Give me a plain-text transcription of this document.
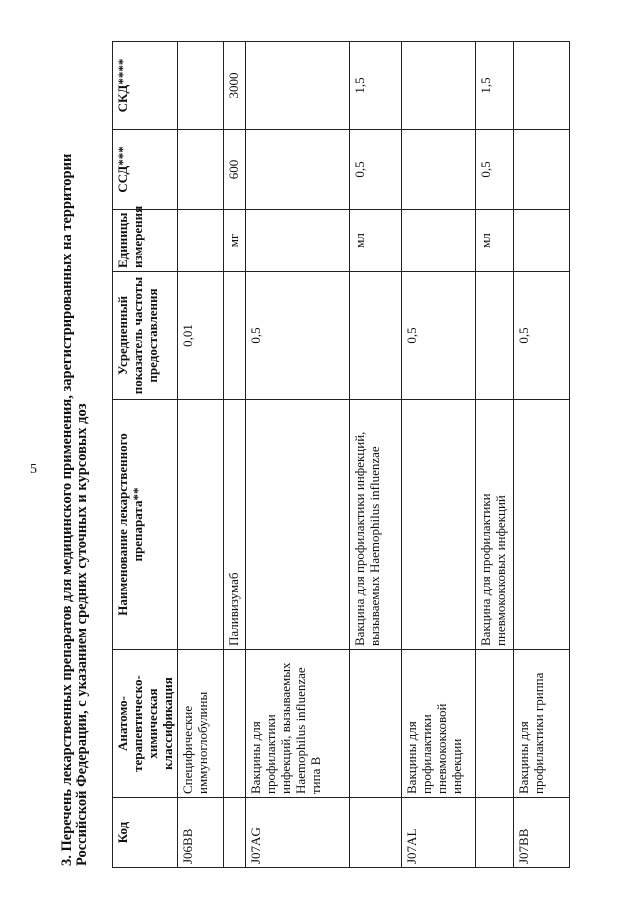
5 3. Перечень лекарственных препаратов для медицинского применения, зарегистрированных на территории Российской Федерации, с указанием средних суточных и курсовых доз Код	Анатомо-терапевтическо-химическая классификация	Наименование лекарственного препарата**	Усредненный показатель частоты предоставления	Единицы измерения	ССД***	СКД****
J06BB	Специфические иммуноглобулины		0,01			
		Паливизумаб		мг	600	3000
J07AG	Вакцины для профилактики инфекций, вызываемых Haemophilus influenzae типа B		0,5			
		Вакцина для профилактики инфекций, вызываемых Haemophilus influenzae		мл	0,5	1,5
J07AL	Вакцины для профилактики пневмококковой инфекции		0,5			
		Вакцина для профилактики пневмококковых инфекций		мл	0,5	1,5
J07BB	Вакцины для профилактики гриппа		0,5			
